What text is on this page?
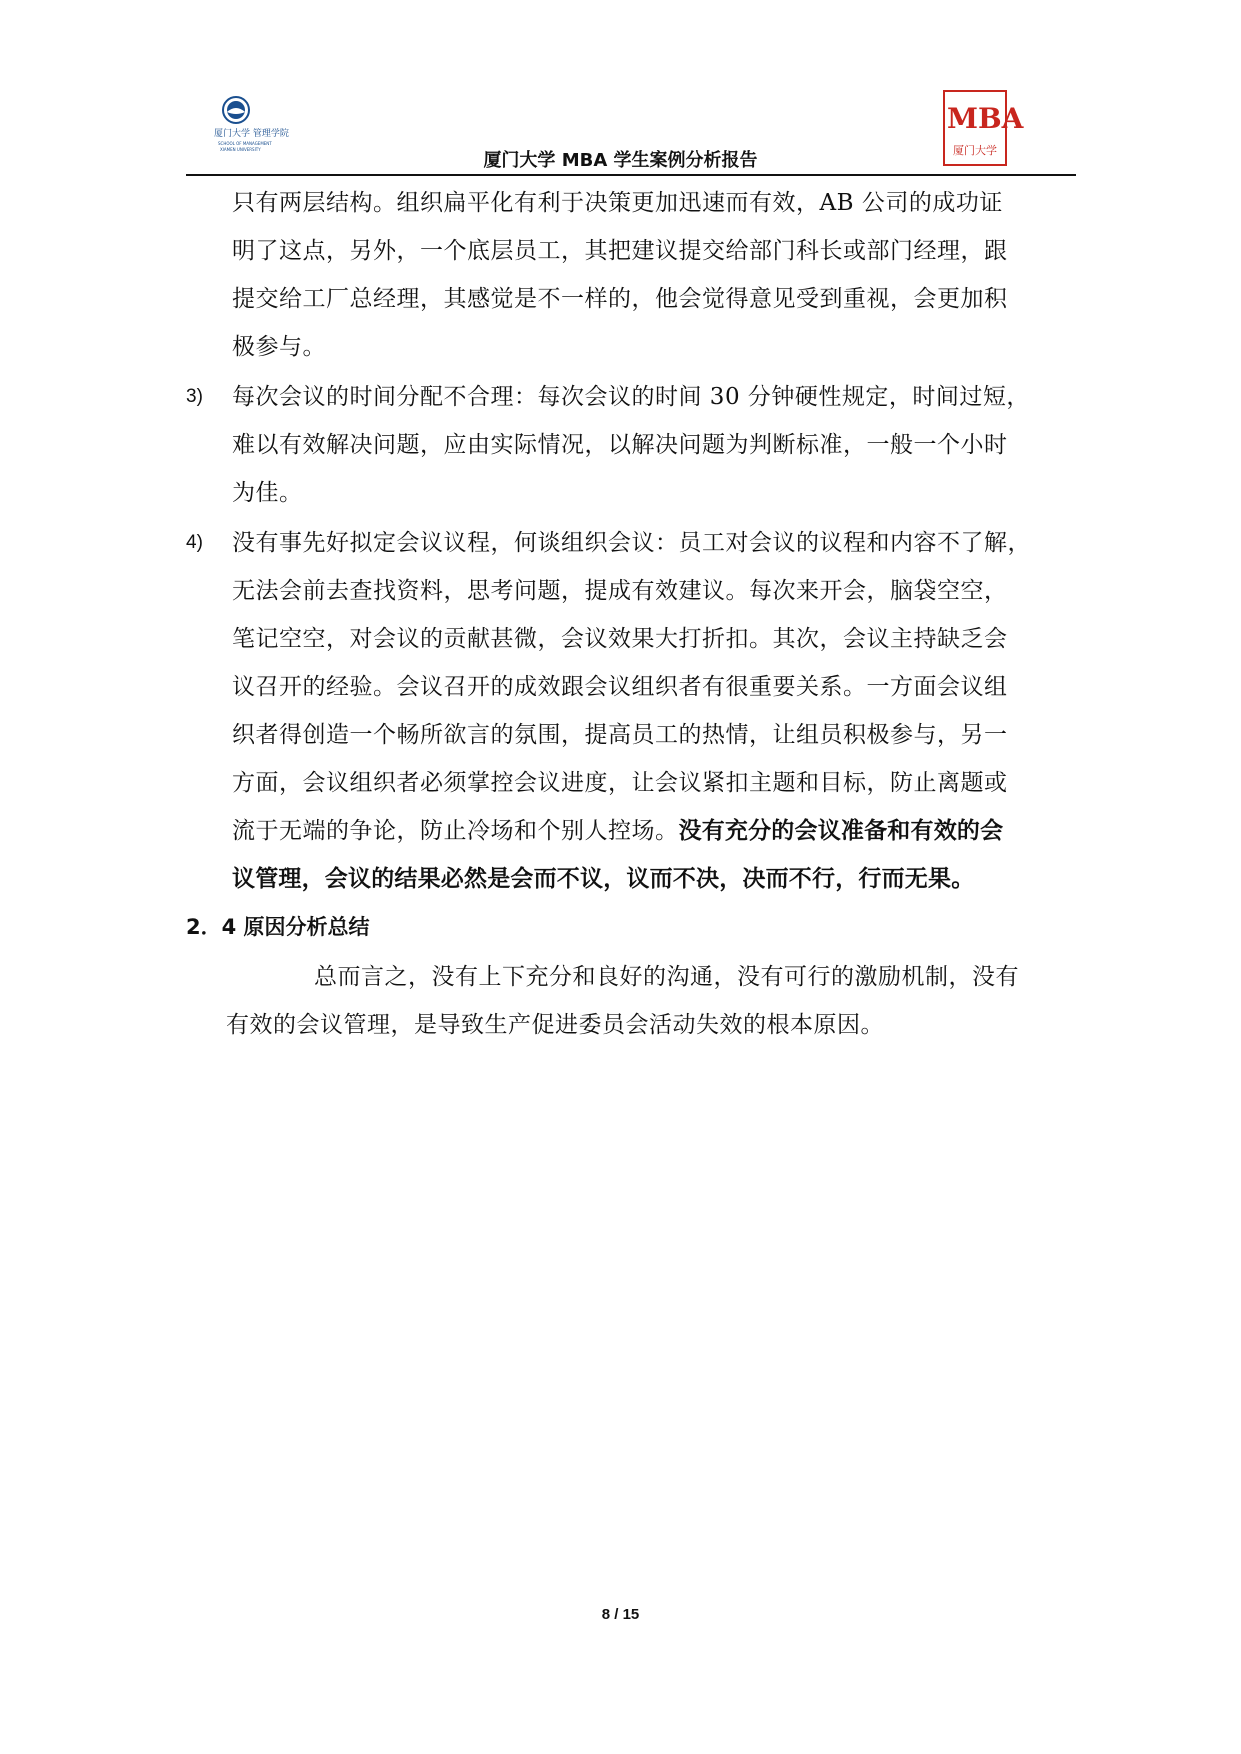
厦门大学 管理学院
SCHOOL OF MANAGEMENT
XIAMEN UNIVERSITY
MBA
厦门大学
厦门大学 MBA 学生案例分析报告
只有两层结构。组织扁平化有利于决策更加迅速而有效，AB 公司的成功证
明了这点，另外，一个底层员工，其把建议提交给部门科长或部门经理，跟
提交给工厂总经理，其感觉是不一样的，他会觉得意见受到重视，会更加积
极参与。
3) 每次会议的时间分配不合理：每次会议的时间 30 分钟硬性规定，时间过短，
难以有效解决问题，应由实际情况，以解决问题为判断标准，一般一个小时
为佳。
4) 没有事先好拟定会议议程，何谈组织会议：员工对会议的议程和内容不了解，
无法会前去查找资料，思考问题，提成有效建议。每次来开会，脑袋空空，
笔记空空，对会议的贡献甚微，会议效果大打折扣。其次，会议主持缺乏会
议召开的经验。会议召开的成效跟会议组织者有很重要关系。一方面会议组
织者得创造一个畅所欲言的氛围，提高员工的热情，让组员积极参与，另一
方面，会议组织者必须掌控会议进度，让会议紧扣主题和目标，防止离题或
流于无端的争论，防止冷场和个别人控场。没有充分的会议准备和有效的会
议管理，会议的结果必然是会而不议，议而不决，决而不行，行而无果。
2．4 原因分析总结
总而言之，没有上下充分和良好的沟通，没有可行的激励机制，没有
有效的会议管理，是导致生产促进委员会活动失效的根本原因。
8 / 15
